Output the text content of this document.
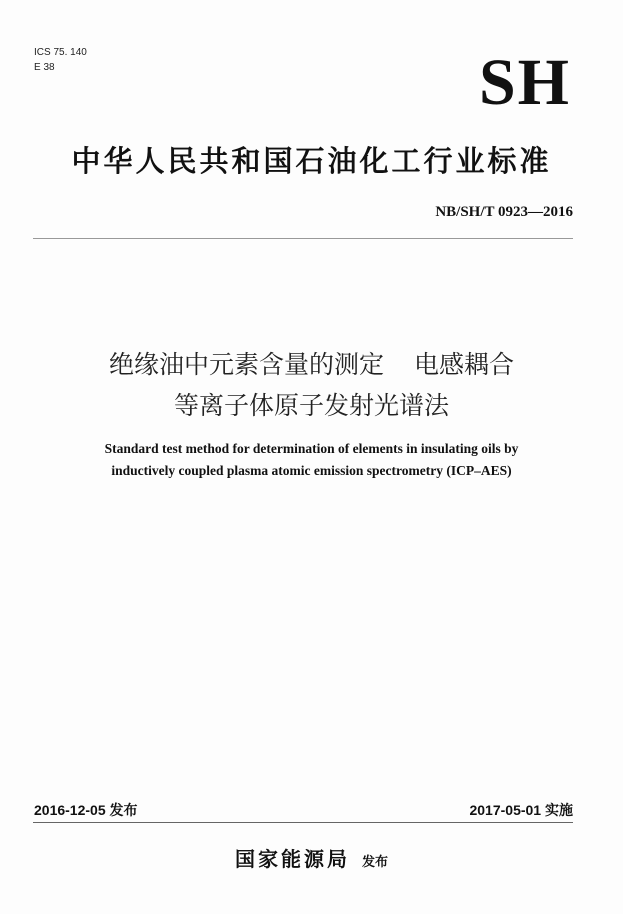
ICS 75. 140
E 38	SH
中华人民共和国石油化工行业标准
NB/SH/T 0923—2016
绝缘油中元素含量的测定 电感耦合
等离子体原子发射光谱法
Standard test method for determination of elements in insulating oils by
inductively coupled plasma atomic emission spectrometry (ICP–AES)
2016-12-05 发布	2017-05-01 实施
国家能源局 发布
